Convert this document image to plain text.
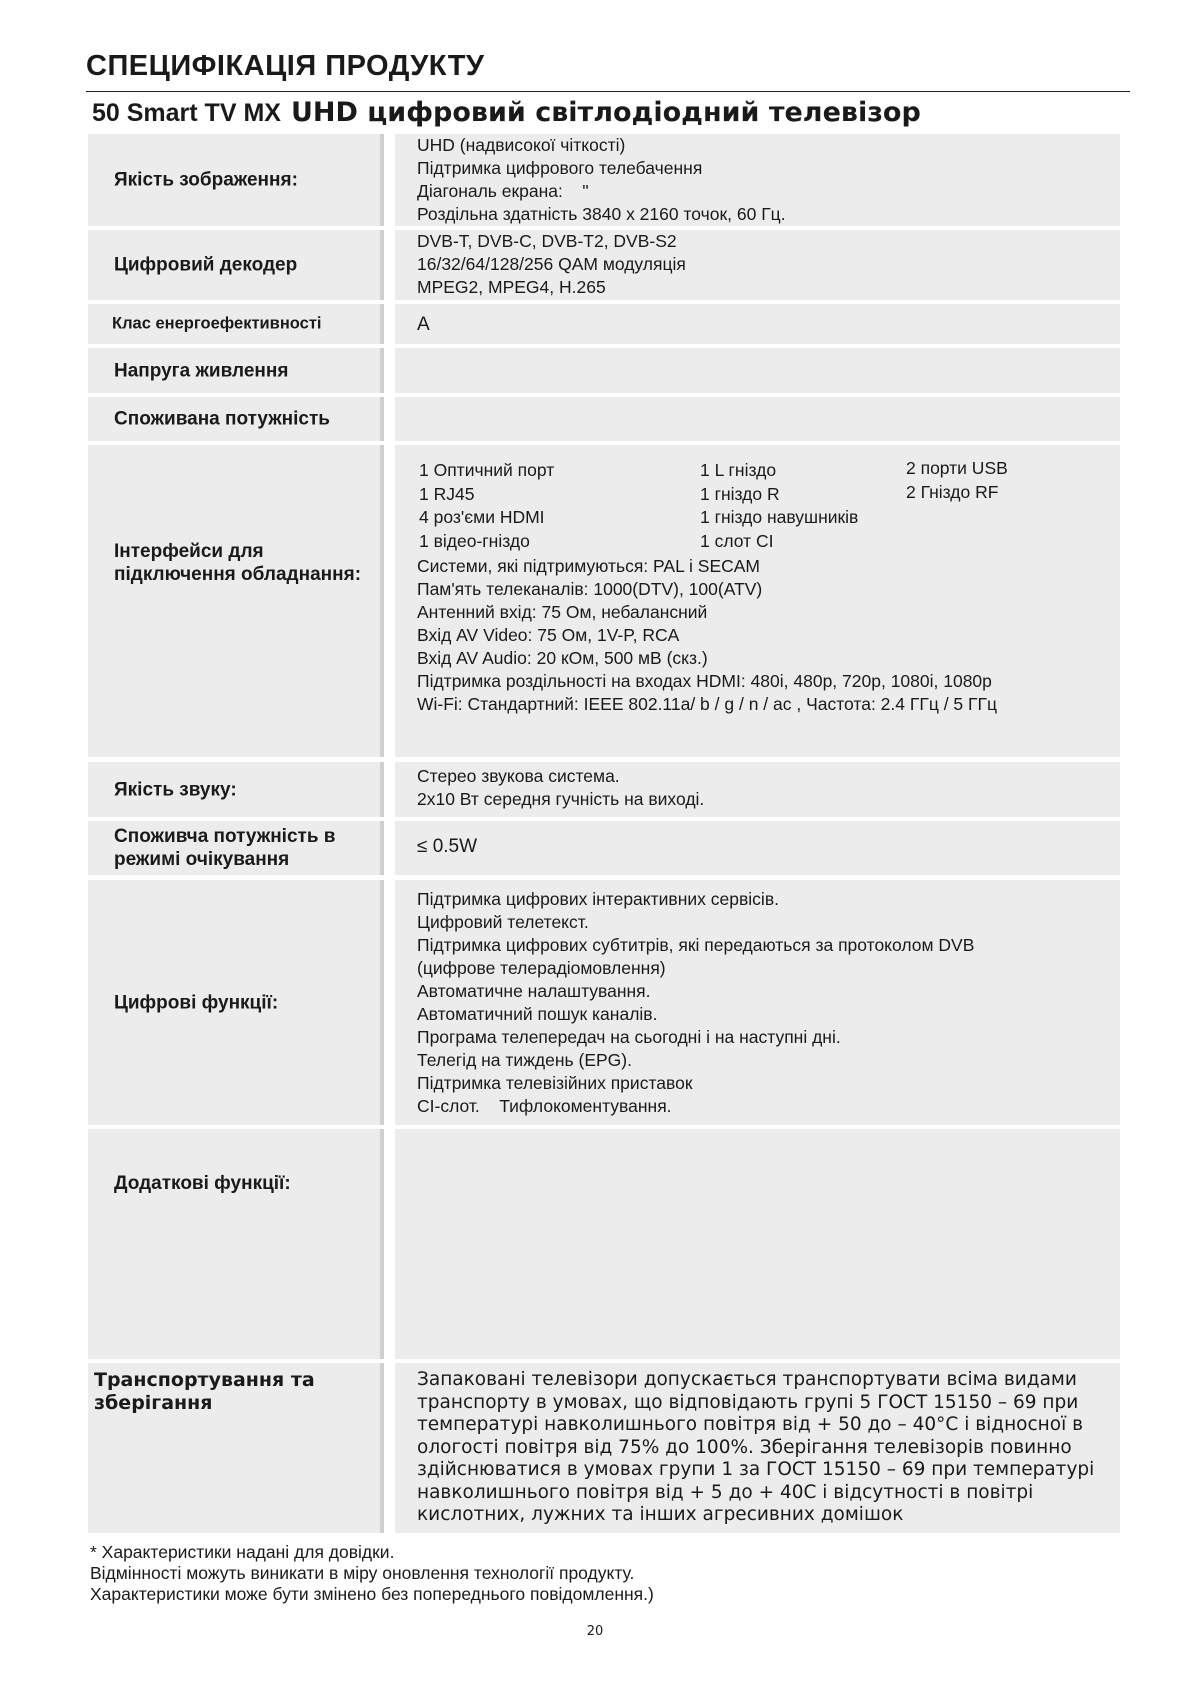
СПЕЦИФІКАЦІЯ ПРОДУКТУ
50 Smart TV MX UHD цифровий світлодіодний телевізор
Якість зображення:
UHD (надвисокої чіткості)
Підтримка цифрового телебачення
Діагональ екрана:    "
Роздільна здатність 3840 x 2160 точок, 60 Гц.
Цифровий декодер
DVB-T, DVB-C, DVB-T2, DVB-S2
16/32/64/128/256 QAM модуляція
MPEG2, MPEG4, H.265
Клас енергоефективності	A
Напруга живлення
Споживана потужність
Інтерфейси для підключення обладнання:
1 Оптичний порт
1 RJ45
4 роз'єми HDMI
1 відео-гніздо
1 L гніздо
1 гніздо R
1 гніздо навушників
1 слот CI
2 порти USB
2 Гніздо RF
Системи, які підтримуються: PAL і SECAM
Пам'ять телеканалів: 1000(DTV), 100(ATV)
Антенний вхід: 75 Ом, небалансний
Вхід AV Video: 75 Ом, 1V-P, RCA
Вхід AV Audio: 20 кОм, 500 мВ (скз.)
Підтримка роздільності на входах HDMI: 480i, 480p, 720p, 1080i, 1080p
Wi-Fi: Стандартний: IEEE 802.11a/ b / g / n / ac , Частота: 2.4 ГГц / 5 ГГц
Якість звуку:
Стерео звукова система.
2x10 Вт середня гучність на виході.
Споживча потужність в режимі очікування
≤ 0.5W
Цифрові функції:
Підтримка цифрових інтерактивних сервісів.
Цифровий телетекст.
Підтримка цифрових субтитрів, які передаються за протоколом DVB
(цифрове телерадіомовлення)
Автоматичне налаштування.
Автоматичний пошук каналів.
Програма телепередач на сьогодні і на наступні дні.
Телегід на тиждень (EPG).
Підтримка телевізійних приставок
CI-слот.    Тифлокоментування.
Додаткові функції:
Транспортування та зберігання
Запаковані телевізори допускається транспортувати всіма видами транспорту в умовах, що відповідають групі 5 ГОСТ 15150 – 69 при температурі навколишнього повітря від + 50 до – 40°С і відносної в ологості повітря від 75% до 100%. Зберігання телевізорів повинно здійснюватися в умовах групи 1 за ГОСТ 15150 – 69 при температурі навколишнього повітря від + 5 до + 40С і відсутності в повітрі кислотних, лужних та інших агресивних домішок
* Характеристики надані для довідки.
Відмінності можуть виникати в міру оновлення технології продукту.
Характеристики може бути змінено без попереднього повідомлення.)
20
